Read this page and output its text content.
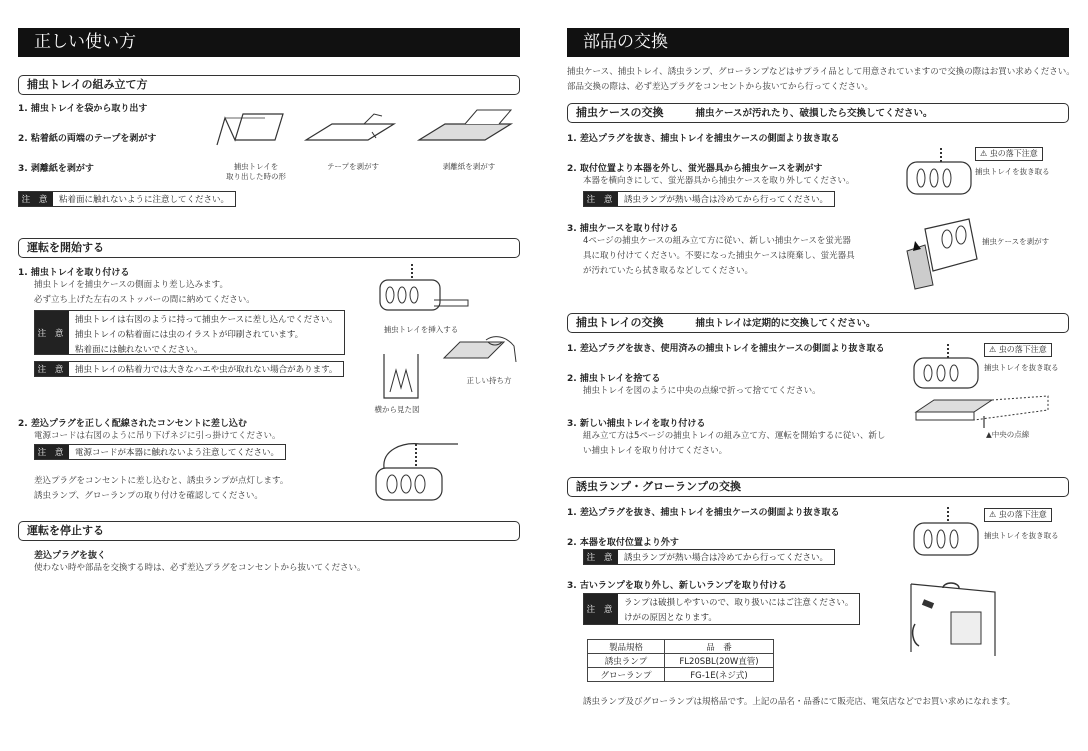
正しい使い方
捕虫トレイの組み立て方
1. 捕虫トレイを袋から取り出す
2. 粘着紙の両端のテープを剥がす
3. 剥離紙を剥がす	捕虫トレイを
取り出した時の形
テープを剥がす	剥離紙を剥がす
注 意	粘着面に触れないように注意してください。
運転を開始する
1. 捕虫トレイを取り付ける
捕虫トレイを捕虫ケースの側面より差し込みます。
必ず立ち上げた左右のストッパーの間に納めてください。
注 意
捕虫トレイは右図のように持って捕虫ケースに差し込んでください。
捕虫トレイの粘着面には虫のイラストが印刷されています。
粘着面には触れないでください。
注 意	捕虫トレイの粘着力では大きなハエや虫が取れない場合があります。
捕虫トレイを挿入する
正しい持ち方
横から見た図
2. 差込プラグを正しく配線されたコンセントに差し込む
電源コードは右図のように吊り下げネジに引っ掛けてください。
注 意	電源コードが本器に触れないよう注意してください。
差込プラグをコンセントに差し込むと、誘虫ランプが点灯します。
誘虫ランプ、グローランプの取り付けを確認してください。
運転を停止する
差込プラグを抜く
使わない時や部品を交換する時は、必ず差込プラグをコンセントから抜いてください。
部品の交換
捕虫ケース、捕虫トレイ、誘虫ランプ、グローランプなどはサプライ品として用意されていますので交換の際はお買い求めください。
部品交換の際は、必ず差込プラグをコンセントから抜いてから行ってください。
捕虫ケースの交換	捕虫ケースが汚れたり、破損したら交換してください。
1. 差込プラグを抜き、捕虫トレイを捕虫ケースの側面より抜き取る
2. 取付位置より本器を外し、蛍光器具から捕虫ケースを剥がす
本器を横向きにして、蛍光器具から捕虫ケースを取り外してください。
注 意	誘虫ランプが熱い場合は冷めてから行ってください。
3. 捕虫ケースを取り付ける
4ページの捕虫ケースの組み立て方に従い、新しい捕虫ケースを蛍光器
具に取り付けてください。不要になった捕虫ケースは廃棄し、蛍光器具
が汚れていたら拭き取るなどしてください。
⚠ 虫の落下注意
捕虫トレイを抜き取る
捕虫ケースを剥がす
捕虫トレイの交換	捕虫トレイは定期的に交換してください。
1. 差込プラグを抜き、使用済みの捕虫トレイを捕虫ケースの側面より抜き取る
2. 捕虫トレイを捨てる
捕虫トレイを図のように中央の点線で折って捨ててください。
3. 新しい捕虫トレイを取り付ける
組み立て方は5ページの捕虫トレイの組み立て方、運転を開始するに従い、新し
い捕虫トレイを取り付けてください。
⚠ 虫の落下注意
捕虫トレイを抜き取る
▲中央の点線
誘虫ランプ・グローランプの交換
1. 差込プラグを抜き、捕虫トレイを捕虫ケースの側面より抜き取る
2. 本器を取付位置より外す
注 意	誘虫ランプが熱い場合は冷めてから行ってください。
3. 古いランプを取り外し、新しいランプを取り付ける
注 意
ランプは破損しやすいので、取り扱いにはご注意ください。
けがの原因となります。
⚠ 虫の落下注意
捕虫トレイを抜き取る
製品規格	品　番
誘虫ランプ	FL20SBL(20W直管)
グローランプ	FG-1E(ネジ式)
誘虫ランプ及びグローランプは規格品です。上記の品名・品番にて販売店、電気店などでお買い求めになれます。
